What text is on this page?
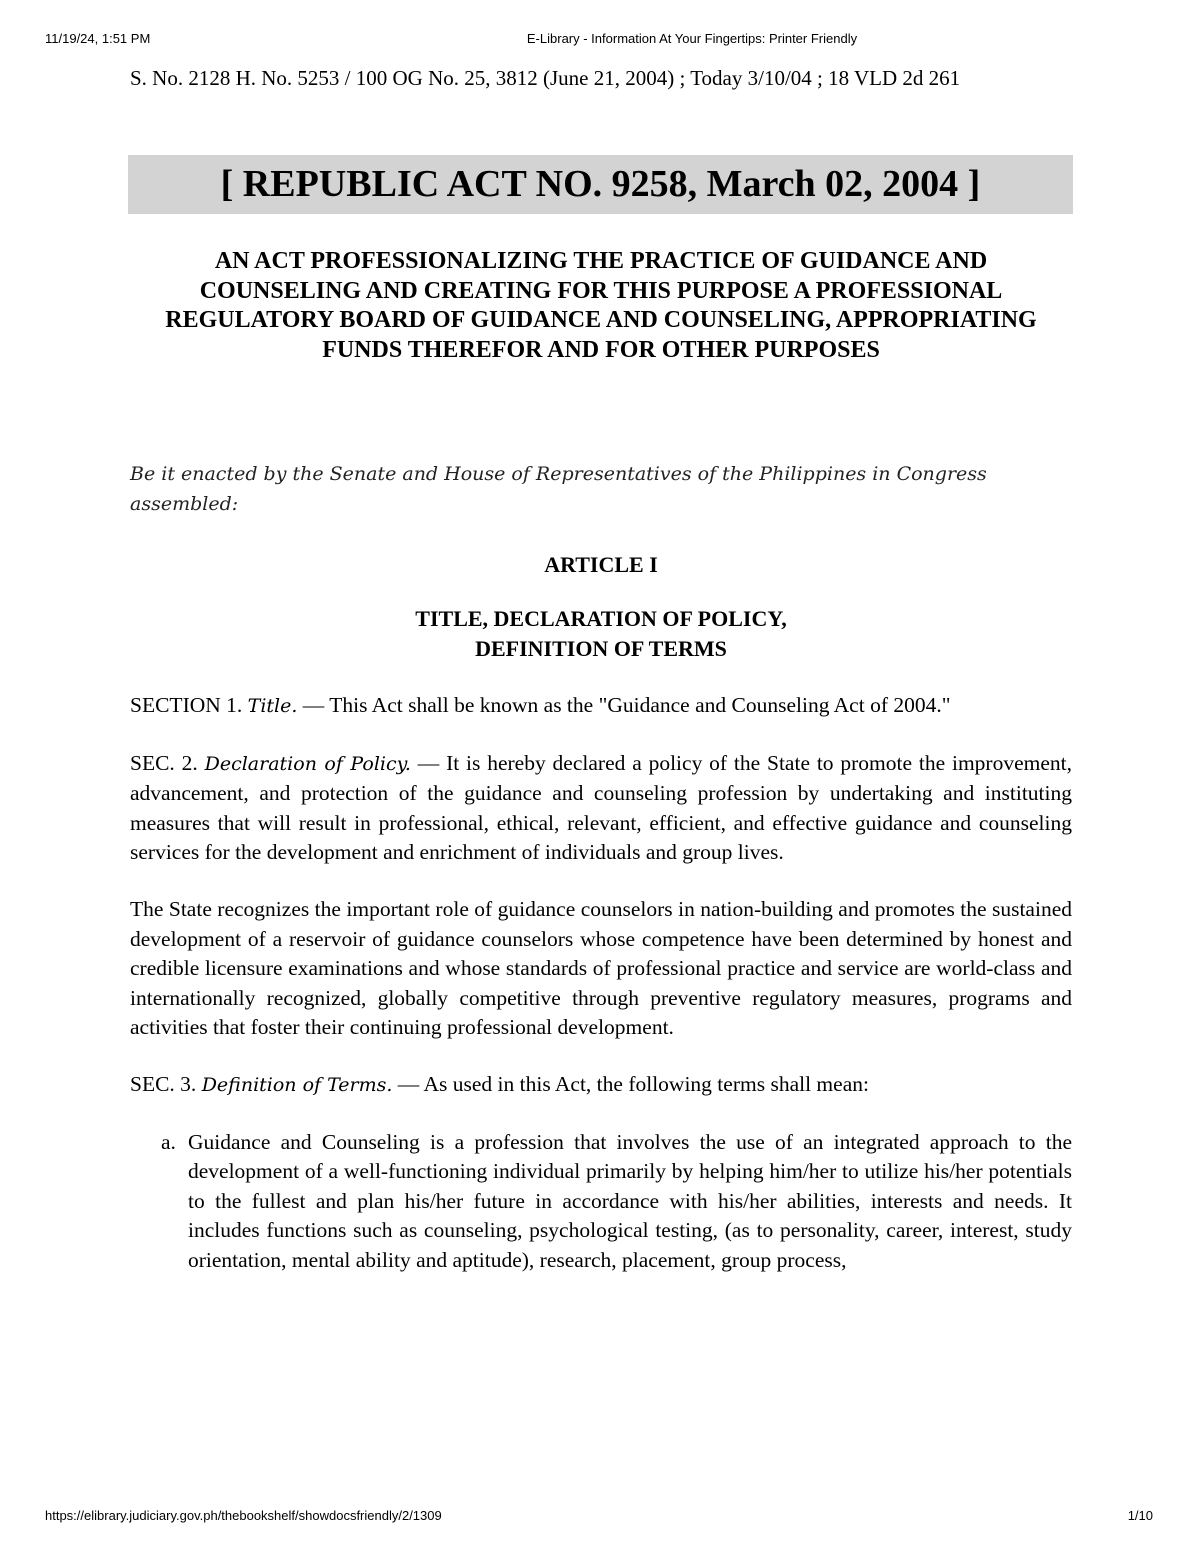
11/19/24, 1:51 PM	E-Library - Information At Your Fingertips: Printer Friendly

S. No. 2128 H. No. 5253 / 100 OG No. 25, 3812 (June 21, 2004) ; Today 3/10/04 ; 18 VLD 2d 261

[ REPUBLIC ACT NO. 9258, March 02, 2004 ]
AN ACT PROFESSIONALIZING THE PRACTICE OF GUIDANCE AND COUNSELING AND CREATING FOR THIS PURPOSE A PROFESSIONAL REGULATORY BOARD OF GUIDANCE AND COUNSELING, APPROPRIATING FUNDS THEREFOR AND FOR OTHER PURPOSES
Be it enacted by the Senate and House of Representatives of the Philippines in Congress assembled:
ARTICLE I
TITLE, DECLARATION OF POLICY,
DEFINITION OF TERMS
SECTION 1. Title. — This Act shall be known as the "Guidance and Counseling Act of 2004."
SEC. 2. Declaration of Policy. — It is hereby declared a policy of the State to promote the improvement, advancement, and protection of the guidance and counseling profession by undertaking and instituting measures that will result in professional, ethical, relevant, efficient, and effective guidance and counseling services for the development and enrichment of individuals and group lives.
The State recognizes the important role of guidance counselors in nation-building and promotes the sustained development of a reservoir of guidance counselors whose competence have been determined by honest and credible licensure examinations and whose standards of professional practice and service are world-class and internationally recognized, globally competitive through preventive regulatory measures, programs and activities that foster their continuing professional development.
SEC. 3. Definition of Terms. — As used in this Act, the following terms shall mean:
a. Guidance and Counseling is a profession that involves the use of an integrated approach to the development of a well-functioning individual primarily by helping him/her to utilize his/her potentials to the fullest and plan his/her future in accordance with his/her abilities, interests and needs. It includes functions such as counseling, psychological testing, (as to personality, career, interest, study orientation, mental ability and aptitude), research, placement, group process,
https://elibrary.judiciary.gov.ph/thebookshelf/showdocsfriendly/2/1309	1/10
